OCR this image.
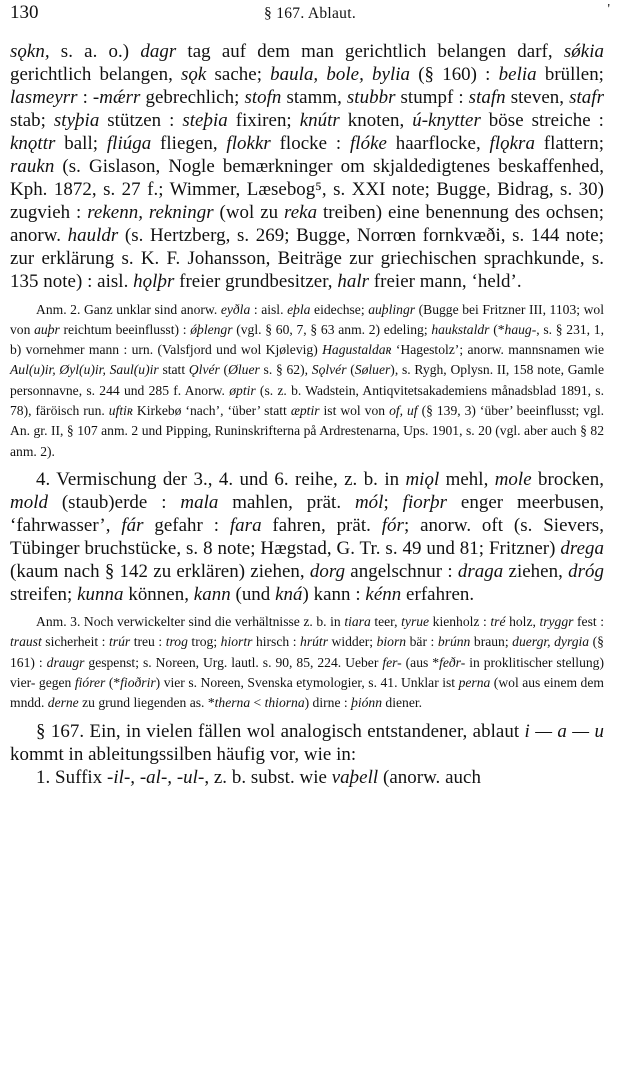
130	§ 167. Ablaut.	'

sǫkn, s. a. o.) dagr tag auf dem man gerichtlich belangen darf, sǿkia gerichtlich belangen, sǫk sache; baula, bole, bylia (§ 160) : belia brüllen; lasmeyrr : -mǽrr gebrechlich; stofn stamm, stubbr stumpf : stafn steven, stafr stab; styþia stützen : steþia fixiren; knútr knoten, ú-knytter böse streiche : knǫttr ball; fliúga fliegen, flokkr flocke : flóke haarflocke, flǫkra flattern; raukn (s. Gislason, Nogle bemærkninger om skjaldedigtenes beskaffenhed, Kph. 1872, s. 27 f.; Wimmer, Læsebog⁵, s. XXI note; Bugge, Bidrag, s. 30) zugvieh : rekenn, rekningr (wol zu reka treiben) eine benennung des ochsen; anorw. hauldr (s. Hertzberg, s. 269; Bugge, Norrœn fornkvæði, s. 144 note; zur erklärung s. K. F. Johansson, Beiträge zur griechischen sprachkunde, s. 135 note) : aisl. hǫlþr freier grundbesitzer, halr freier mann, ‘held’.

Anm. 2. Ganz unklar sind anorw. eyðla : aisl. eþla eidechse; auþlingr (Bugge bei Fritzner III, 1103; wol von auþr reichtum beeinflusst) : ǿþlengr (vgl. § 60, 7, § 63 anm. 2) edeling; haukstaldr (*haug-, s. § 231, 1, b) vornehmer mann : urn. (Valsfjord und wol Kjølevig) Hagustaldaʀ ‘Hagestolz’; anorw. mannsnamen wie Aul(u)ir, Øyl(u)ir, Saul(u)ir statt Ǫlvér (Øluer s. § 62), Sǫlvér (Søluer), s. Rygh, Oplysn. II, 158 note, Gamle personnavne, s. 244 und 285 f. Anorw. øptir (s. z. b. Wadstein, Antiqvitetsakademiens månadsblad 1891, s. 78), färöisch run. uftiʀ Kirkebø ‘nach’, ‘über’ statt æptir ist wol von of, uf (§ 139, 3) ‘über’ beeinflusst; vgl. An. gr. II, § 107 anm. 2 und Pipping, Runinskrifterna på Ardrestenarna, Ups. 1901, s. 20 (vgl. aber auch § 82 anm. 2).

4. Vermischung der 3., 4. und 6. reihe, z. b. in miǫl mehl, mole brocken, mold (staub)erde : mala mahlen, prät. mól; fiorþr enger meerbusen, ‘fahrwasser’, fár gefahr : fara fahren, prät. fór; anorw. oft (s. Sievers, Tübinger bruchstücke, s. 8 note; Hægstad, G. Tr. s. 49 und 81; Fritzner) drega (kaum nach § 142 zu erklären) ziehen, dorg angelschnur : draga ziehen, dróg streifen; kunna können, kann (und kná) kann : kénn erfahren.

Anm. 3. Noch verwickelter sind die verhältnisse z. b. in tiara teer, tyrue kienholz : tré holz, tryggr fest : traust sicherheit : trúr treu : trog trog; hiortr hirsch : hrútr widder; biorn bär : brúnn braun; duergr, dyrgia (§ 161) : draugr gespenst; s. Noreen, Urg. lautl. s. 90, 85, 224. Ueber fer- (aus *feðr- in proklitischer stellung) vier- gegen fiórer (*fioðrir) vier s. Noreen, Svenska etymologier, s. 41. Unklar ist perna (wol aus einem dem mndd. derne zu grund liegenden as. *therna < thiorna) dirne : þiónn diener.

§ 167. Ein, in vielen fällen wol analogisch entstandener, ablaut i — a — u kommt in ableitungssilben häufig vor, wie in:

1. Suffix -il-, -al-, -ul-, z. b. subst. wie vaþell (anorw. auch
